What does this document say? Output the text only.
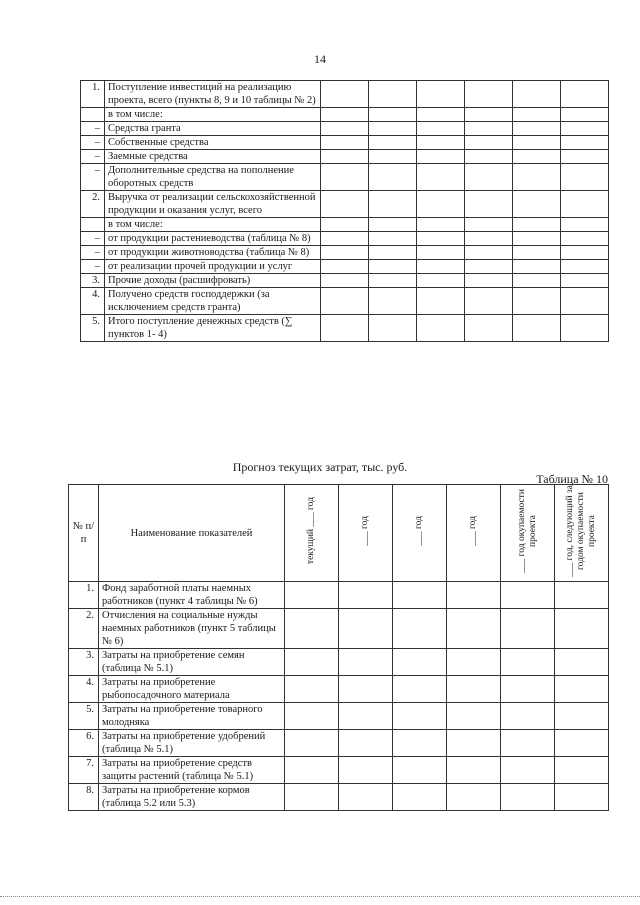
14
1.	Поступление инвестиций на реализацию проекта, всего (пункты 8, 9 и 10 таблицы № 2)						
	в том числе:						
–	Средства гранта						
–	Собственные средства						
–	Заемные средства						
–	Дополнительные средства на пополнение оборотных средств						
2.	Выручка от реализации сельскохозяйственной продукции и оказания услуг, всего						
	в том числе:						
–	от продукции растениеводства (таблица № 8)						
–	от продукции животноводства (таблица № 8)						
–	от реализации прочей продукции и услуг						
3.	Прочие доходы (расшифровать)						
4.	Получено средств господдержки (за исключением средств гранта)						
5.	Итого поступление денежных средств (∑ пунктов 1- 4)						
Прогноз текущих затрат, тыс. руб.
Таблица № 10
№ п/п	Наименование показателей	текущий ___ год	___ год	___ год	___ год	___ год окупаемости проекта	___ год, следующий за годом окупаемости проекта
1.	Фонд заработной платы наемных работников (пункт 4 таблицы № 6)						
2.	Отчисления на социальные нужды наемных работников (пункт 5 таблицы № 6)						
3.	Затраты на приобретение семян (таблица № 5.1)						
4.	Затраты на приобретение рыбопосадочного материала						
5.	Затраты на приобретение товарного молодняка						
6.	Затраты на приобретение удобрений (таблица № 5.1)						
7.	Затраты на приобретение средств защиты растений (таблица № 5.1)						
8.	Затраты на приобретение кормов (таблица 5.2 или 5.3)						
